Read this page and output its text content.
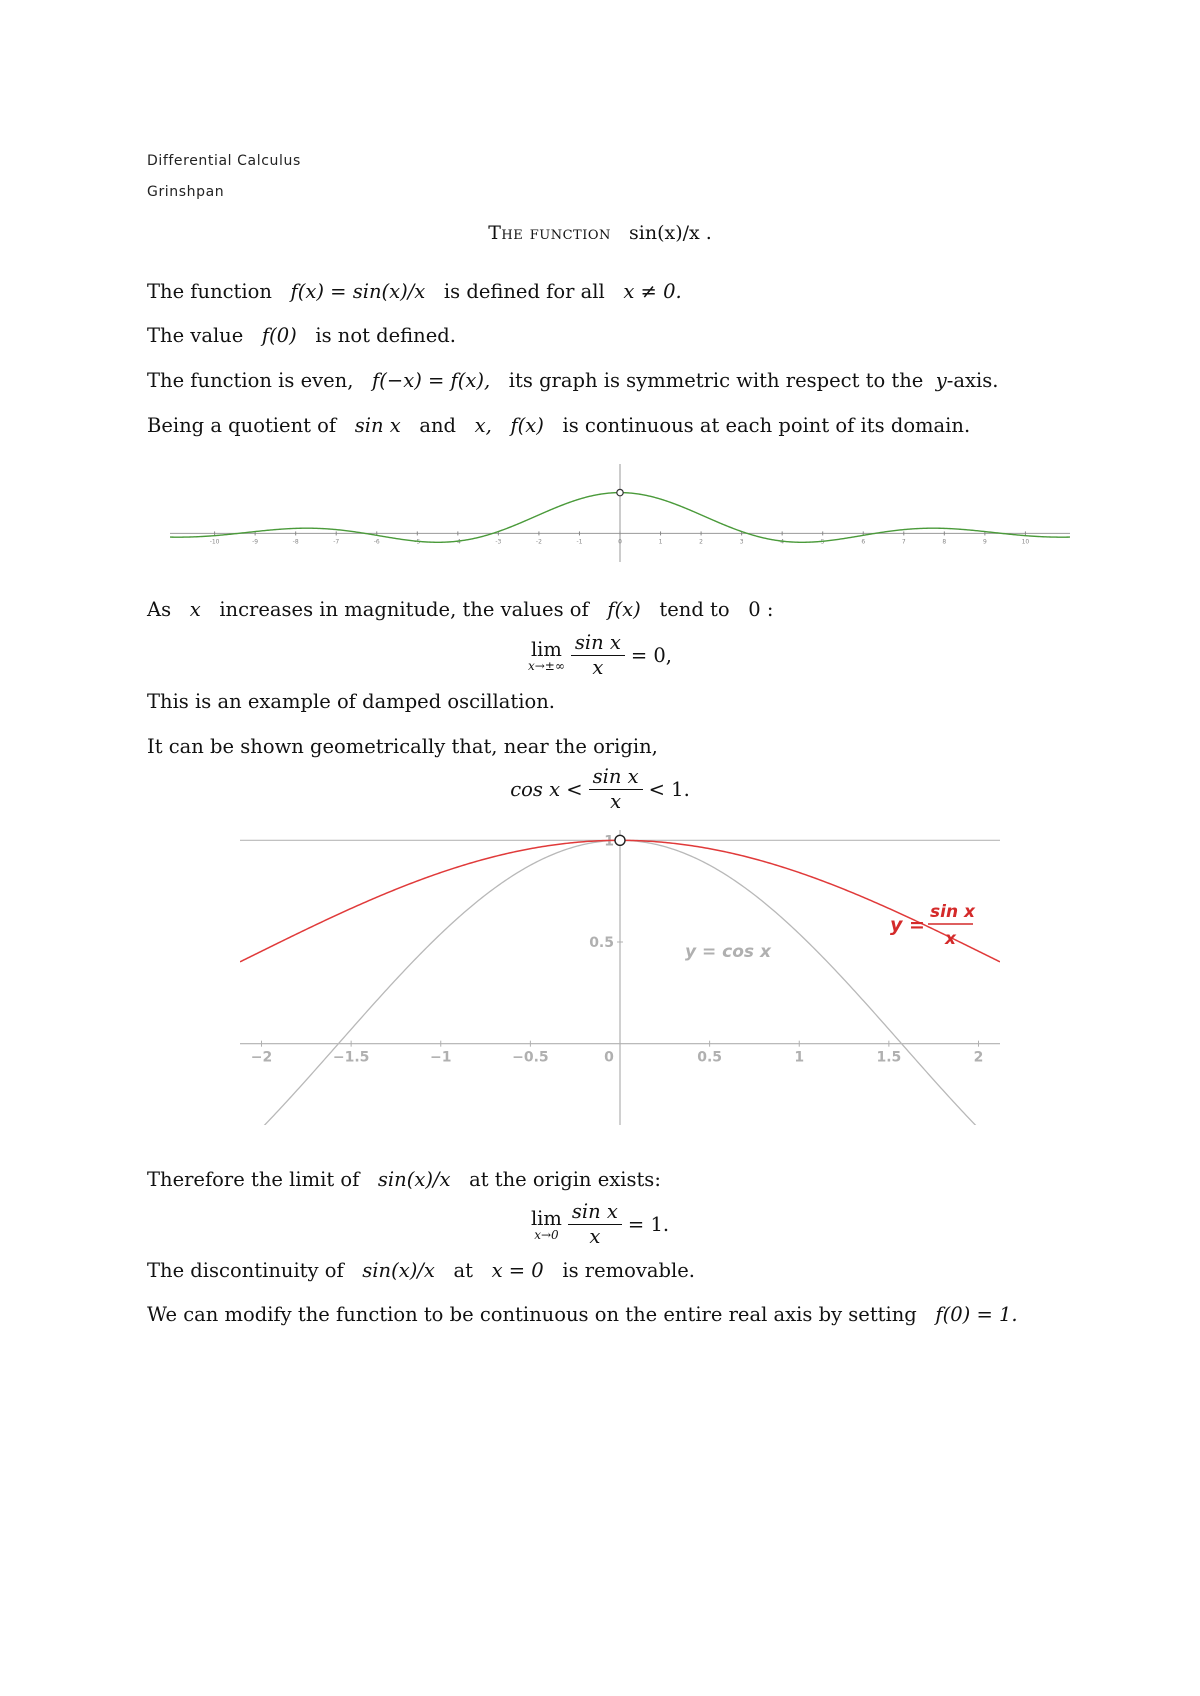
Differential Calculus
Grinshpan
The function sin(x)/x .
The function f(x) = sin(x)/x is defined for all x ≠ 0.
The value f(0) is not defined.
The function is even, f(−x) = f(x), its graph is symmetric with respect to the y-axis.
Being a quotient of sin x and x, f(x) is continuous at each point of its domain.
-10	-9	-8	-7	-6	-5	-4	-3	-2	-1	0	1	2	3	4	5	6	7	8	9	10
As x increases in magnitude, the values of f(x) tend to 0 :
lim
$x\to\pm\infty \frac{\text{sin x}}{x} = 0$,
This is an example of damped oscillation.
It can be shown geometrically that, near the origin,
$\cos x < \frac{\text{sin x}}{x} < 1$.
−2	−1.5	−1	−0.5	0	0.5	1	1.5	2
0.5
1
y = cos x
y =
sin x
x
Therefore the limit of sin(x)/x at the origin exists:
lim
$x\to 0 \frac{\text{sin x}}{x} = 1$.
The discontinuity of sin(x)/x at x = 0 is removable.
We can modify the function to be continuous on the entire real axis by setting f(0) = 1.
